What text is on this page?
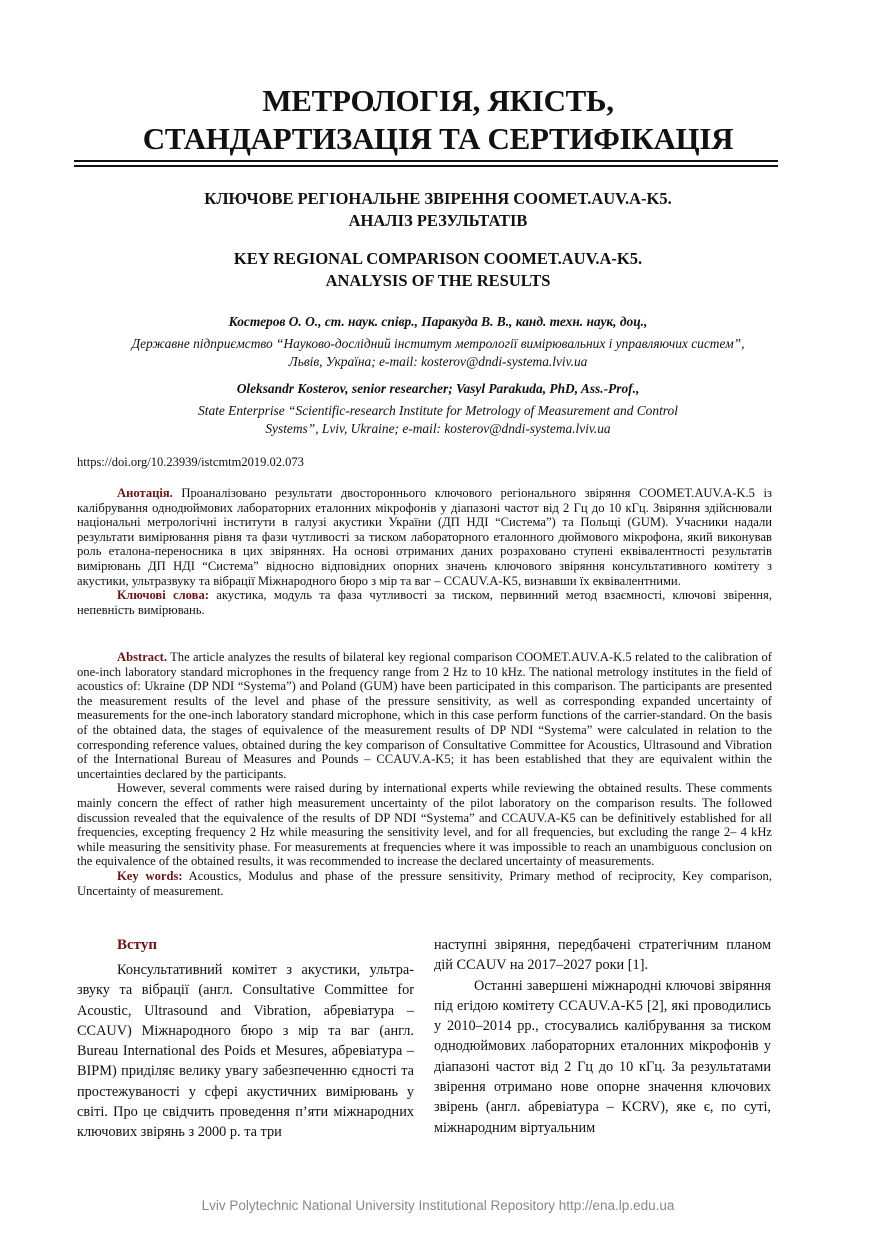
МЕТРОЛОГІЯ, ЯКІСТЬ,
СТАНДАРТИЗАЦІЯ ТА СЕРТИФІКАЦІЯ
КЛЮЧОВЕ РЕГІОНАЛЬНЕ ЗВІРЕННЯ COOMET.AUV.A-K5.
АНАЛІЗ РЕЗУЛЬТАТІВ
KEY REGIONAL COMPARISON COOMET.AUV.A-K5.
ANALYSIS OF THE RESULTS
Костеров О. О., ст. наук. співр., Паракуда В. В., канд. техн. наук, доц.,
Державне підприємство “Науково-дослідний інститут метрології вимірювальних і управляючих систем”,
Львів, Україна; e-mail: kosterov@dndi-systema.lviv.ua
Oleksandr Kosterov, senior researcher; Vasyl Parakuda, PhD, Ass.-Prof.,
State Enterprise “Scientific-research Institute for Metrology of Measurement and Control
Systems”, Lviv, Ukraine; e-mail: kosterov@dndi-systema.lviv.ua
https://doi.org/10.23939/istcmtm2019.02.073

Анотація. Проаналізовано результати двостороннього ключового регіонального звіряння COOMET.AUV.A-K.5 із калібрування однодюймових лабораторних еталонних мікрофонів у діапазоні частот від 2 Гц до 10 кГц. Звіряння здійснювали національні метрологічні інститути в галузі акустики України (ДП НДІ “Система”) та Польщі (GUM). Учасники надали результати вимірювання рівня та фази чутливості за тиском лабораторного еталонного дюймового мікрофона, який виконував роль еталона-переносника в цих звіряннях. На основі отриманих даних розраховано ступені еквівалентності результатів вимірювань ДП НДІ “Система” відносно відповідних опорних значень ключового звіряння консультативного комітету з акустики, ультразвуку та вібрації Міжнародного бюро з мір та ваг – CCAUV.A-K5, визнавши їх еквівалентними.

Ключові слова: акустика, модуль та фаза чутливості за тиском, первинний метод взаємності, ключові звірення, непевність вимірювань.

Abstract. The article analyzes the results of bilateral key regional comparison COOMET.AUV.A-K.5 related to the calibration of one-inch laboratory standard microphones in the frequency range from 2 Hz to 10 kHz. The national metrology institutes in the field of acoustics of: Ukraine (DP NDI “Systema”) and Poland (GUM) have been participated in this comparison. The participants are presented the measurement results of the level and phase of the pressure sensitivity, as well as corresponding expanded uncertainty of measurements for the one-inch laboratory standard microphone, which in this case perform functions of the carrier-standard. On the basis of the obtained data, the stages of equivalence of the measurement results of DP NDI “Systema” were calculated in relation to the corresponding reference values, obtained during the key comparison of Consultative Committee for Acoustics, Ultrasound and Vibration of the International Bureau of Measures and Pounds – CCAUV.A-K5; it has been established that they are equivalent within the uncertainties declared by the participants.

However, several comments were raised during by international experts while reviewing the obtained results. These comments mainly concern the effect of rather high measurement uncertainty of the pilot laboratory on the comparison results. The followed discussion revealed that the equivalence of the results of DP NDI “Systema” and CCAUV.A-K5 can be definitively established for all frequencies, excepting frequency 2 Hz while measuring the sensitivity level, and for all frequencies, but excluding the range 2– 4 kHz while measuring the sensitivity phase. For measurements at frequencies where it was impossible to reach an unambiguous conclusion on the equivalence of the obtained results, it was recommended to increase the declared uncertainty of measurements.

Key words: Acoustics, Modulus and phase of the pressure sensitivity, Primary method of reciprocity, Key comparison, Uncertainty of measurement.

Вступ

Консультативний комітет з акустики, ультразвуку та вібрації (англ. Consultative Committee for Acoustic, Ultrasound and Vibration, абревіатура – CCAUV) Міжнародного бюро з мір та ваг (англ. Bureau International des Poids et Mesures, абревіатура – BIPM) приділяє велику увагу забезпеченню єдності та простежуваності у сфері акустичних вимірювань у світі. Про це свідчить проведення п’яти міжнародних ключових звірянь з 2000 р. та три

наступні звіряння, передбачені стратегічним планом дій CCAUV на 2017–2027 роки [1].

Останні завершені міжнародні ключові звіряння під егідою комітету CCAUV.A-K5 [2], які проводились у 2010–2014 рр., стосувались калібрування за тиском однодюймових лабораторних еталонних мікрофонів у діапазоні частот від 2 Гц до 10 кГц. За результатами звірення отримано нове опорне значення ключових звірень (англ. абревіатура – KCRV), яке є, по суті, міжнародним віртуальним

Lviv Polytechnic National University Institutional Repository http://ena.lp.edu.ua
